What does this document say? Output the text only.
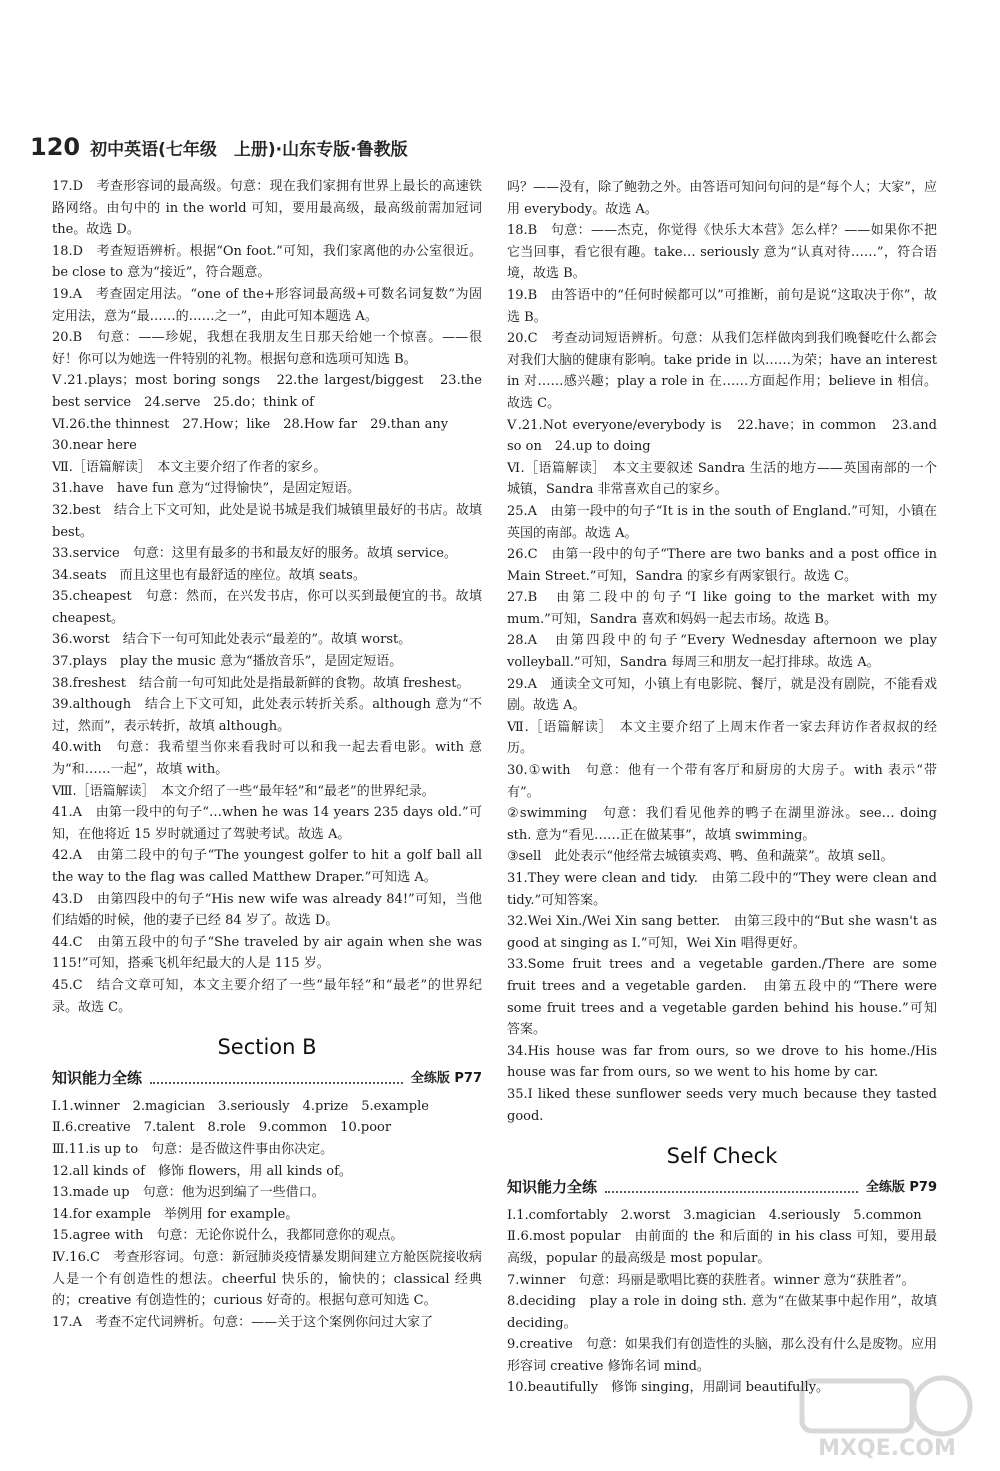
120 初中英语(七年级　上册)·山东专版·鲁教版

17.D　考查形容词的最高级。句意：现在我们家拥有世界上最长的高速铁路网络。由句中的 in the world 可知，要用最高级，最高级前需加冠词 the。故选 D。

18.D　考查短语辨析。根据“On foot.”可知，我们家离他的办公室很近。be close to 意为“接近”，符合题意。

19.A　考查固定用法。“one of the+形容词最高级+可数名词复数”为固定用法，意为“最……的……之一”，由此可知本题选 A。

20.B　句意：——珍妮，我想在我朋友生日那天给她一个惊喜。——很好！你可以为她选一件特别的礼物。根据句意和选项可知选 B。

Ⅴ.21.plays；most boring songs　22.the largest/biggest　23.the best service　24.serve　25.do；think of

Ⅵ.26.the thinnest　27.How；like　28.How far　29.than any

30.near here

Ⅶ.［语篇解读］　本文主要介绍了作者的家乡。

31.have　have fun 意为“过得愉快”，是固定短语。

32.best　结合上下文可知，此处是说书城是我们城镇里最好的书店。故填 best。

33.service　句意：这里有最多的书和最友好的服务。故填 service。

34.seats　而且这里也有最舒适的座位。故填 seats。

35.cheapest　句意：然而，在兴发书店，你可以买到最便宜的书。故填 cheapest。

36.worst　结合下一句可知此处表示“最差的”。故填 worst。

37.plays　play the music 意为“播放音乐”，是固定短语。

38.freshest　结合前一句可知此处是指最新鲜的食物。故填 freshest。

39.although　结合上下文可知，此处表示转折关系。although 意为“不过，然而”，表示转折，故填 although。

40.with　句意：我希望当你来看我时可以和我一起去看电影。with 意为“和……一起”，故填 with。

Ⅷ.［语篇解读］　本文介绍了一些“最年轻”和“最老”的世界纪录。

41.A　由第一段中的句子“…when he was 14 years 235 days old.”可知，在他将近 15 岁时就通过了驾驶考试。故选 A。

42.A　由第二段中的句子“The youngest golfer to hit a golf ball all the way to the flag was called Matthew Draper.”可知选 A。

43.D　由第四段中的句子“His new wife was already 84!”可知，当他们结婚的时候，他的妻子已经 84 岁了。故选 D。

44.C　由第五段中的句子“She traveled by air again when she was 115!”可知，搭乘飞机年纪最大的人是 115 岁。

45.C　结合文章可知，本文主要介绍了一些“最年轻”和“最老”的世界纪录。故选 C。

Section B
知识能力全练	全练版 P77

Ⅰ.1.winner　2.magician　3.seriously　4.prize　5.example

Ⅱ.6.creative　7.talent　8.role　9.common　10.poor

Ⅲ.11.is up to　句意：是否做这件事由你决定。

12.all kinds of　修饰 flowers，用 all kinds of。

13.made up　句意：他为迟到编了一些借口。

14.for example　举例用 for example。

15.agree with　句意：无论你说什么，我都同意你的观点。

Ⅳ.16.C　考查形容词。句意：新冠肺炎疫情暴发期间建立方舱医院接收病人是一个有创造性的想法。cheerful 快乐的，愉快的；classical 经典的；creative 有创造性的；curious 好奇的。根据句意可知选 C。

17.A　考查不定代词辨析。句意：——关于这个案例你问过大家了

吗？——没有，除了鲍勃之外。由答语可知问句问的是“每个人；大家”，应用 everybody。故选 A。

18.B　句意：——杰克，你觉得《快乐大本营》怎么样？——如果你不把它当回事，看它很有趣。take… seriously 意为“认真对待……”，符合语境，故选 B。

19.B　由答语中的“任何时候都可以”可推断，前句是说“这取决于你”，故选 B。

20.C　考查动词短语辨析。句意：从我们怎样做肉到我们晚餐吃什么都会对我们大脑的健康有影响。take pride in 以……为荣；have an interest in 对……感兴趣；play a role in 在……方面起作用；believe in 相信。故选 C。

Ⅴ.21.Not everyone/everybody is　22.have；in common　23.and so on　24.up to doing

Ⅵ.［语篇解读］　本文主要叙述 Sandra 生活的地方——英国南部的一个城镇，Sandra 非常喜欢自己的家乡。

25.A　由第一段中的句子“It is in the south of England.”可知，小镇在英国的南部。故选 A。

26.C　由第一段中的句子“There are two banks and a post office in Main Street.”可知，Sandra 的家乡有两家银行。故选 C。

27.B　由第二段中的句子“I like going to the market with my mum.”可知，Sandra 喜欢和妈妈一起去市场。故选 B。

28.A　由第四段中的句子“Every Wednesday afternoon we play volleyball.”可知，Sandra 每周三和朋友一起打排球。故选 A。

29.A　通读全文可知，小镇上有电影院、餐厅，就是没有剧院，不能看戏剧。故选 A。

Ⅶ.［语篇解读］　本文主要介绍了上周末作者一家去拜访作者叔叔的经历。

30.①with　句意：他有一个带有客厅和厨房的大房子。with 表示“带有”。

②swimming　句意：我们看见他养的鸭子在湖里游泳。see… doing sth. 意为“看见……正在做某事”，故填 swimming。

③sell　此处表示“他经常去城镇卖鸡、鸭、鱼和蔬菜”。故填 sell。

31.They were clean and tidy.　由第二段中的“They were clean and tidy.”可知答案。

32.Wei Xin./Wei Xin sang better.　由第三段中的“But she wasn't as good at singing as I.”可知，Wei Xin 唱得更好。

33.Some fruit trees and a vegetable garden./There are some fruit trees and a vegetable garden.　由第五段中的“There were some fruit trees and a vegetable garden behind his house.”可知答案。

34.His house was far from ours, so we drove to his home./His house was far from ours, so we went to his home by car.

35.I liked these sunflower seeds very much because they tasted good.

Self Check
知识能力全练	全练版 P79

Ⅰ.1.comfortably　2.worst　3.magician　4.seriously　5.common

Ⅱ.6.most popular　由前面的 the 和后面的 in his class 可知，要用最高级，popular 的最高级是 most popular。

7.winner　句意：玛丽是歌唱比赛的获胜者。winner 意为“获胜者”。

8.deciding　play a role in doing sth. 意为“在做某事中起作用”，故填 deciding。

9.creative　句意：如果我们有创造性的头脑，那么没有什么是废物。应用形容词 creative 修饰名词 mind。

10.beautifully　修饰 singing，用副词 beautifully。

MXQE.COM
